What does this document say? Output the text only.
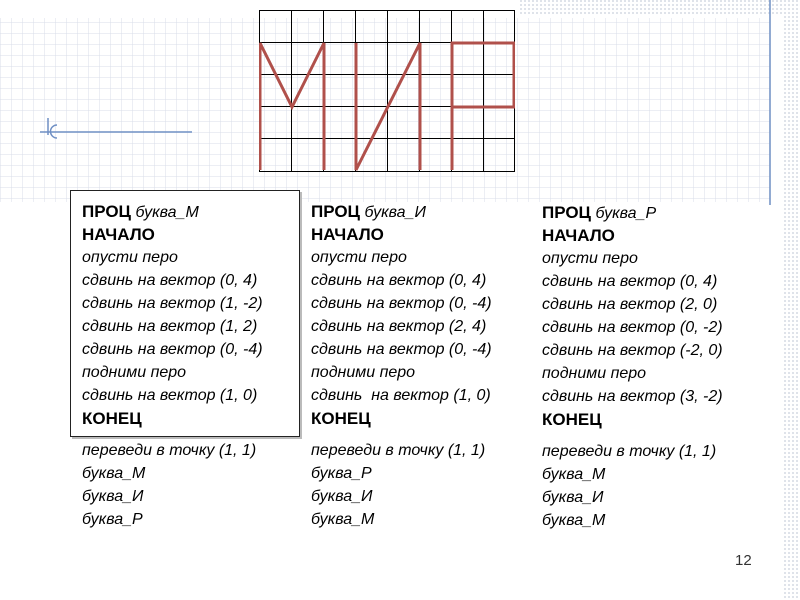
ПРОЦ буква_М
НАЧАЛО
опусти перо
сдвинь на вектор (0, 4)
сдвинь на вектор (1, -2)
сдвинь на вектор (1, 2)
сдвинь на вектор (0, -4)
подними перо
сдвинь на вектор (1, 0)
КОНЕЦ
переведи в точку (1, 1)
буква_М
буква_И
буква_Р
ПРОЦ буква_И
НАЧАЛО
опусти перо
сдвинь на вектор (0, 4)
сдвинь на вектор (0, -4)
сдвинь на вектор (2, 4)
сдвинь на вектор (0, -4)
подними перо
сдвинь  на вектор (1, 0)
КОНЕЦ
переведи в точку (1, 1)
буква_Р
буква_И
буква_М
ПРОЦ буква_Р
НАЧАЛО
опусти перо
сдвинь на вектор (0, 4)
сдвинь на вектор (2, 0)
сдвинь на вектор (0, -2)
сдвинь на вектор (-2, 0)
подними перо
сдвинь на вектор (3, -2)
КОНЕЦ
переведи в точку (1, 1)
буква_М
буква_И
буква_М
12
